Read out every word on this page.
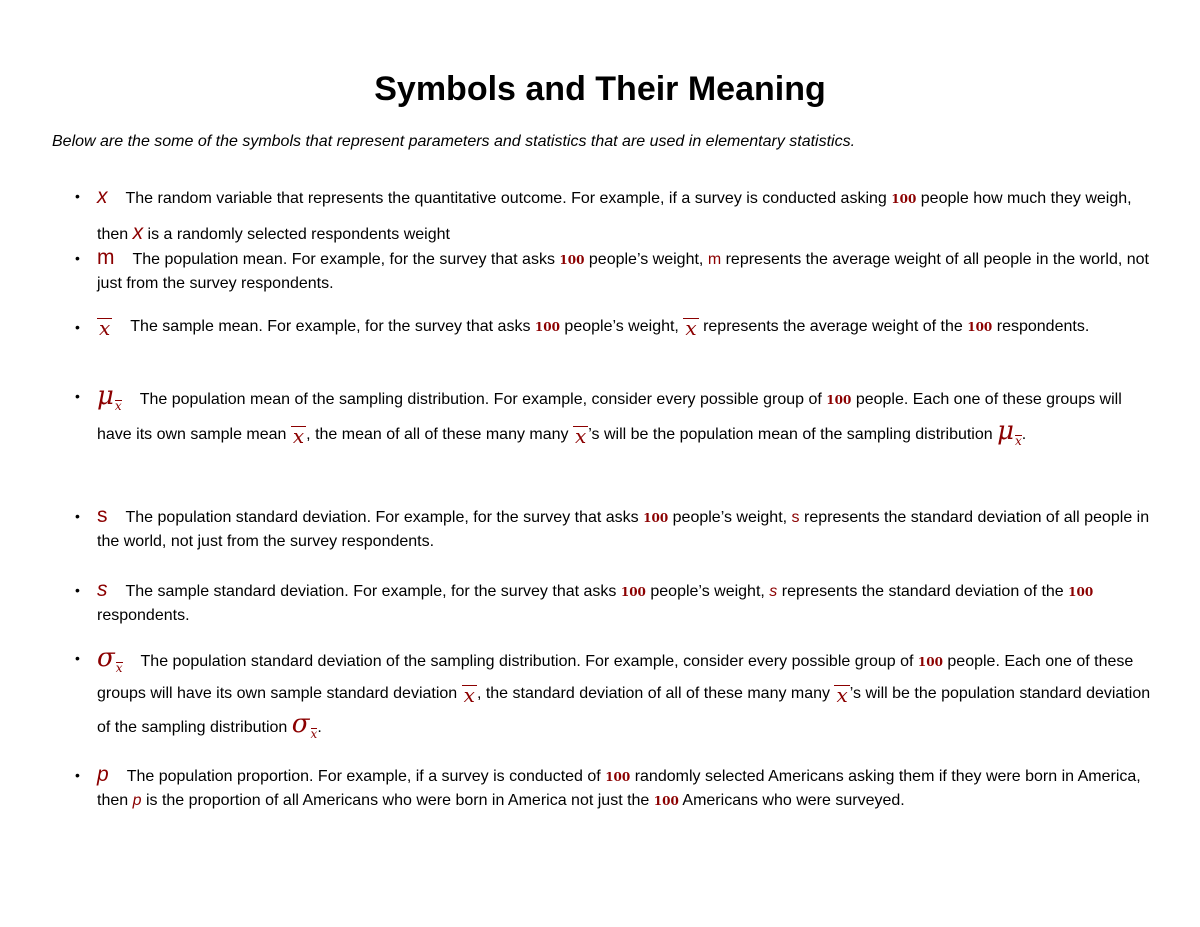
Symbols and Their Meaning
Below are the some of the symbols that represent parameters and statistics that are used in elementary statistics.
• x The random variable that represents the quantitative outcome. For example, if a survey is conducted asking 100 people how much they weigh, then x is a randomly selected respondents weight
• m The population mean. For example, for the survey that asks 100 people’s weight, m represents the average weight of all people in the world, not just from the survey respondents.
• x The sample mean. For example, for the survey that asks 100 people’s weight, x represents the average weight of the 100 respondents.
• μx The population mean of the sampling distribution. For example, consider every possible group of 100 people. Each one of these groups will have its own sample mean x , the mean of all of these many many x ’s will be the population mean of the sampling distribution μx.
• s The population standard deviation. For example, for the survey that asks 100 people’s weight, s represents the standard deviation of all people in the world, not just from the survey respondents.
• s The sample standard deviation. For example, for the survey that asks 100 people’s weight, s represents the standard deviation of the 100 respondents.
• σx The population standard deviation of the sampling distribution. For example, consider every possible group of 100 people. Each one of these groups will have its own sample standard deviation x , the standard deviation of all of these many many x ’s will be the population standard deviation of the sampling distribution σx.
• p The population proportion. For example, if a survey is conducted of 100 randomly selected Americans asking them if they were born in America, then p is the proportion of all Americans who were born in America not just the 100 Americans who were surveyed.
